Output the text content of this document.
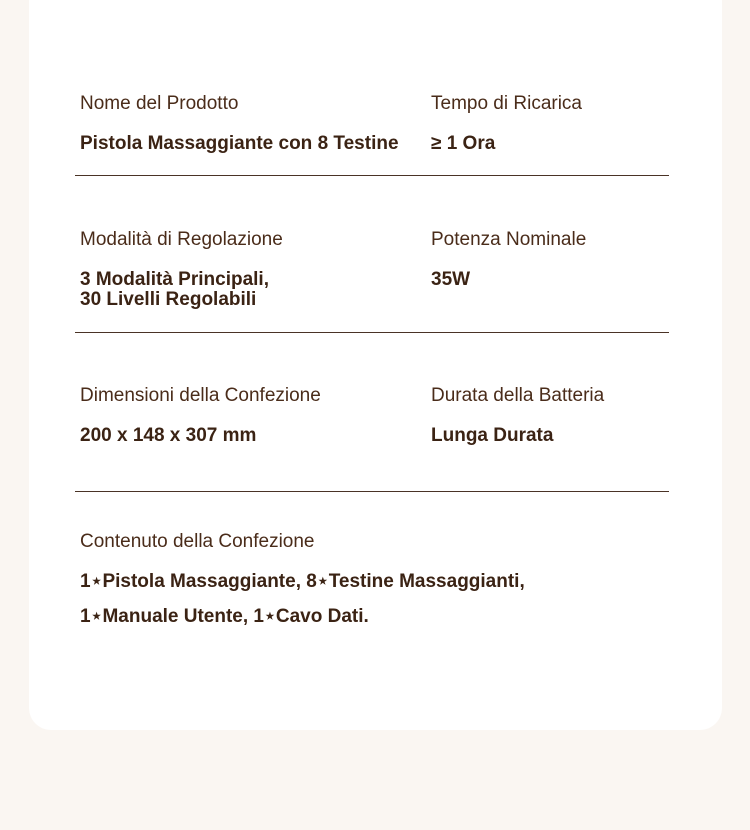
Nome del Prodotto
Pistola Massaggiante con 8 Testine
Tempo di Ricarica
≥ 1 Ora
Modalità di Regolazione
3 Modalità Principali,
30 Livelli Regolabili
Potenza Nominale
35W
Dimensioni della Confezione
200 x 148 x 307 mm
Durata della Batteria
Lunga Durata
Contenuto della Confezione
1⋆Pistola Massaggiante, 8⋆Testine Massaggianti,
1⋆Manuale Utente, 1⋆Cavo Dati.
